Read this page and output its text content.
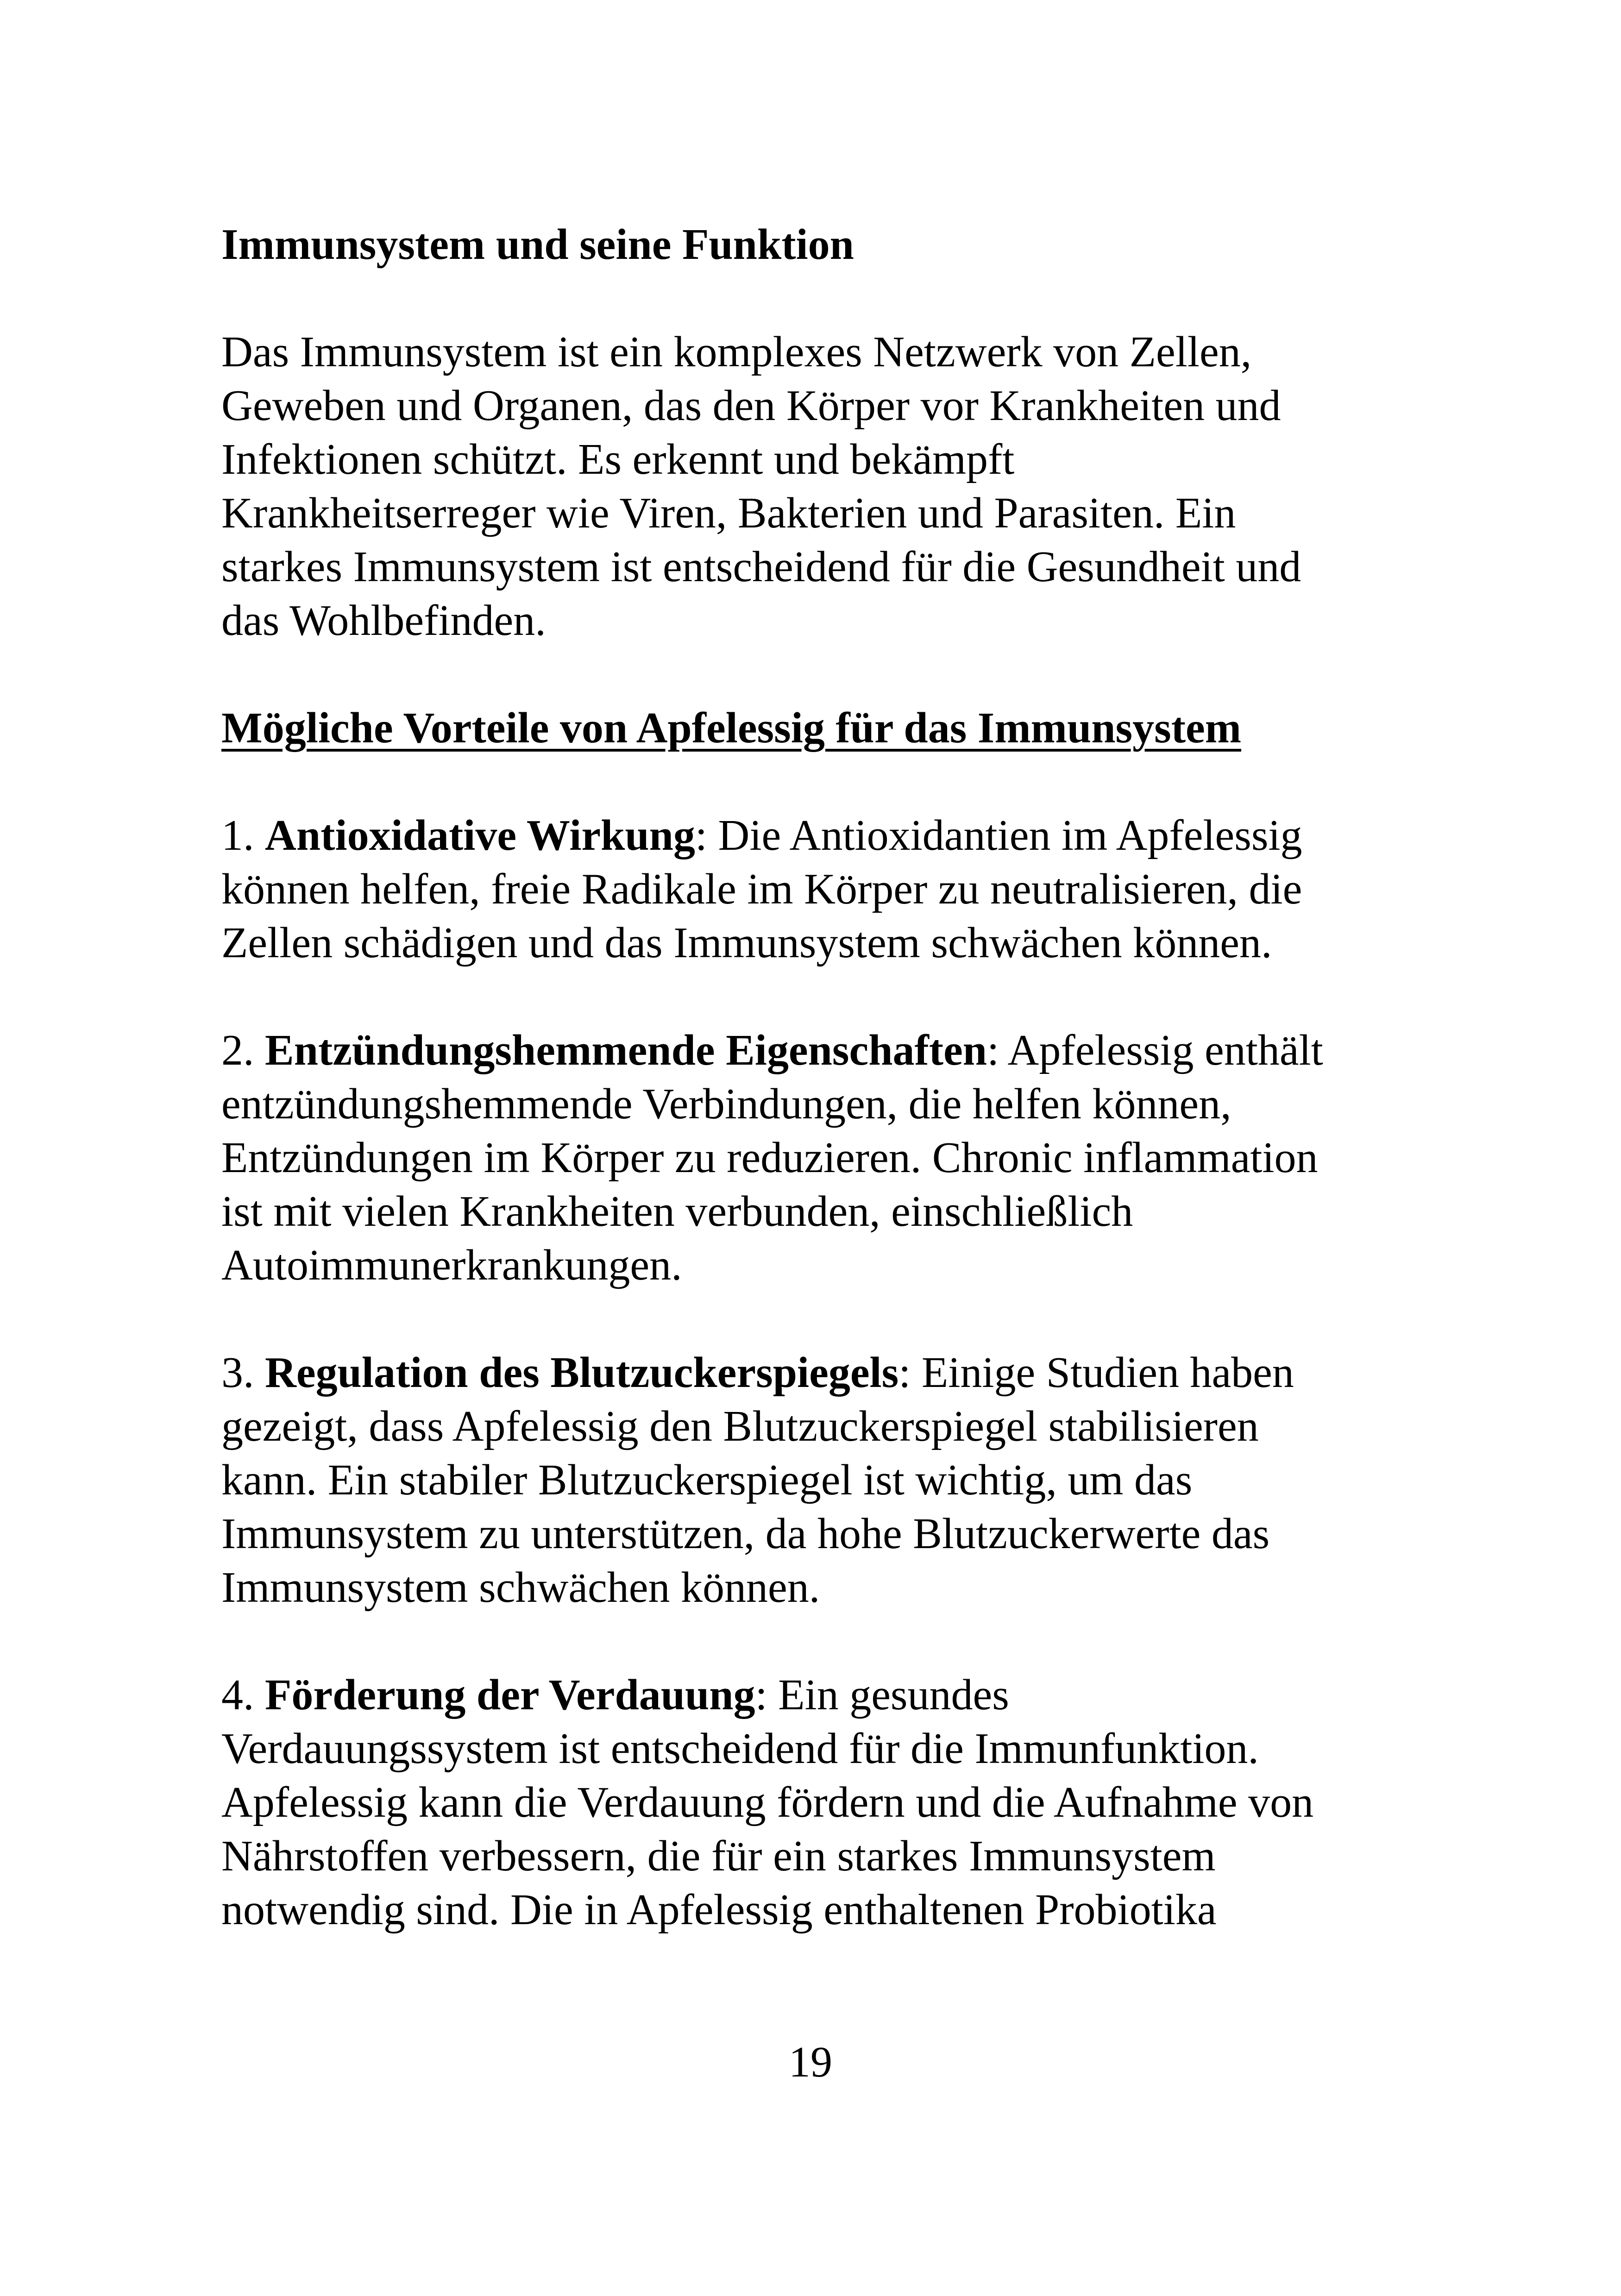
Immunsystem und seine Funktion

Das Immunsystem ist ein komplexes Netzwerk von Zellen,
Geweben und Organen, das den Körper vor Krankheiten und
Infektionen schützt. Es erkennt und bekämpft
Krankheitserreger wie Viren, Bakterien und Parasiten. Ein
starkes Immunsystem ist entscheidend für die Gesundheit und
das Wohlbefinden.

Mögliche Vorteile von Apfelessig für das Immunsystem

1. Antioxidative Wirkung: Die Antioxidantien im Apfelessig
können helfen, freie Radikale im Körper zu neutralisieren, die
Zellen schädigen und das Immunsystem schwächen können.

2. Entzündungshemmende Eigenschaften: Apfelessig enthält
entzündungshemmende Verbindungen, die helfen können,
Entzündungen im Körper zu reduzieren. Chronic inflammation
ist mit vielen Krankheiten verbunden, einschließlich
Autoimmunerkrankungen.

3. Regulation des Blutzuckerspiegels: Einige Studien haben
gezeigt, dass Apfelessig den Blutzuckerspiegel stabilisieren
kann. Ein stabiler Blutzuckerspiegel ist wichtig, um das
Immunsystem zu unterstützen, da hohe Blutzuckerwerte das
Immunsystem schwächen können.

4. Förderung der Verdauung: Ein gesundes
Verdauungssystem ist entscheidend für die Immunfunktion.
Apfelessig kann die Verdauung fördern und die Aufnahme von
Nährstoffen verbessern, die für ein starkes Immunsystem
notwendig sind. Die in Apfelessig enthaltenen Probiotika

19
